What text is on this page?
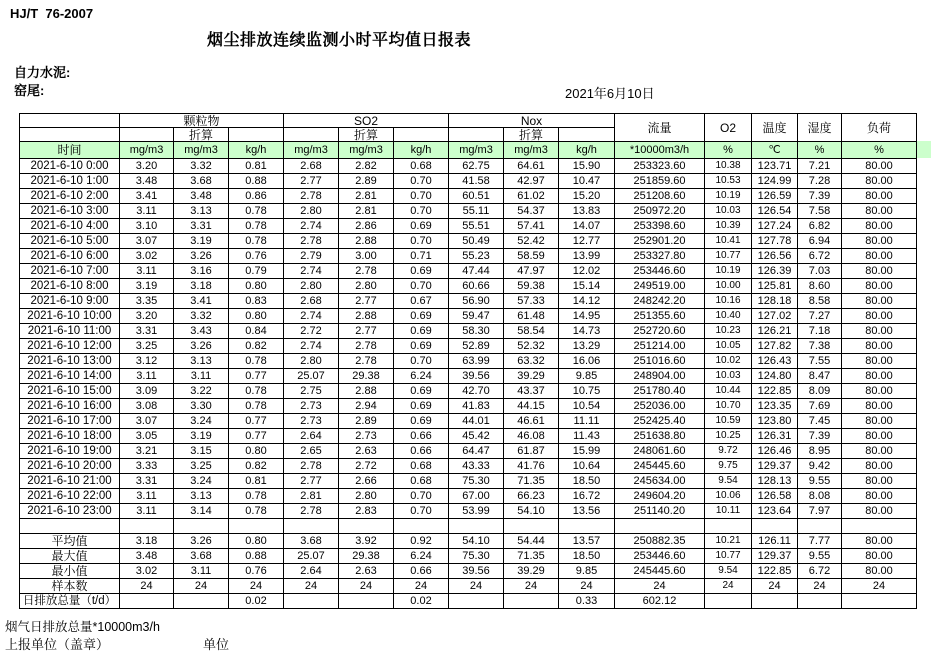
HJ/T  76-2007
烟尘排放连续监测小时平均值日报表
自力水泥:
窑尾:	2021年6月10日
	颗粒物			SO2			Nox			流量	O2	温度	湿度	负荷
		折算			折算			折算						
时间	mg/m3	mg/m3	kg/h	mg/m3	mg/m3	kg/h	mg/m3	mg/m3	kg/h	*10000m3/h	%	℃	%	%
2021-6-10 0:00	3.20	3.32	0.81	2.68	2.82	0.68	62.75	64.61	15.90	253323.60	10.38	123.71	7.21	80.00
2021-6-10 1:00	3.48	3.68	0.88	2.77	2.89	0.70	41.58	42.97	10.47	251859.60	10.53	124.99	7.28	80.00
2021-6-10 2:00	3.41	3.48	0.86	2.78	2.81	0.70	60.51	61.02	15.20	251208.60	10.19	126.59	7.39	80.00
2021-6-10 3:00	3.11	3.13	0.78	2.80	2.81	0.70	55.11	54.37	13.83	250972.20	10.03	126.54	7.58	80.00
2021-6-10 4:00	3.10	3.31	0.78	2.74	2.86	0.69	55.51	57.41	14.07	253398.60	10.39	127.24	6.82	80.00
2021-6-10 5:00	3.07	3.19	0.78	2.78	2.88	0.70	50.49	52.42	12.77	252901.20	10.41	127.78	6.94	80.00
2021-6-10 6:00	3.02	3.26	0.76	2.79	3.00	0.71	55.23	58.59	13.99	253327.80	10.77	126.56	6.72	80.00
2021-6-10 7:00	3.11	3.16	0.79	2.74	2.78	0.69	47.44	47.97	12.02	253446.60	10.19	126.39	7.03	80.00
2021-6-10 8:00	3.19	3.18	0.80	2.80	2.80	0.70	60.66	59.38	15.14	249519.00	10.00	125.81	8.60	80.00
2021-6-10 9:00	3.35	3.41	0.83	2.68	2.77	0.67	56.90	57.33	14.12	248242.20	10.16	128.18	8.58	80.00
2021-6-10 10:00	3.20	3.32	0.80	2.74	2.88	0.69	59.47	61.48	14.95	251355.60	10.40	127.02	7.27	80.00
2021-6-10 11:00	3.31	3.43	0.84	2.72	2.77	0.69	58.30	58.54	14.73	252720.60	10.23	126.21	7.18	80.00
2021-6-10 12:00	3.25	3.26	0.82	2.74	2.78	0.69	52.89	52.32	13.29	251214.00	10.05	127.82	7.38	80.00
2021-6-10 13:00	3.12	3.13	0.78	2.80	2.78	0.70	63.99	63.32	16.06	251016.60	10.02	126.43	7.55	80.00
2021-6-10 14:00	3.11	3.11	0.77	25.07	29.38	6.24	39.56	39.29	9.85	248904.00	10.03	124.80	8.47	80.00
2021-6-10 15:00	3.09	3.22	0.78	2.75	2.88	0.69	42.70	43.37	10.75	251780.40	10.44	122.85	8.09	80.00
2021-6-10 16:00	3.08	3.30	0.78	2.73	2.94	0.69	41.83	44.15	10.54	252036.00	10.70	123.35	7.69	80.00
2021-6-10 17:00	3.07	3.24	0.77	2.73	2.89	0.69	44.01	46.61	11.11	252425.40	10.59	123.80	7.45	80.00
2021-6-10 18:00	3.05	3.19	0.77	2.64	2.73	0.66	45.42	46.08	11.43	251638.80	10.25	126.31	7.39	80.00
2021-6-10 19:00	3.21	3.15	0.80	2.65	2.63	0.66	64.47	61.87	15.99	248061.60	9.72	126.46	8.95	80.00
2021-6-10 20:00	3.33	3.25	0.82	2.78	2.72	0.68	43.33	41.76	10.64	245445.60	9.75	129.37	9.42	80.00
2021-6-10 21:00	3.31	3.24	0.81	2.77	2.66	0.68	75.30	71.35	18.50	245634.00	9.54	128.13	9.55	80.00
2021-6-10 22:00	3.11	3.13	0.78	2.81	2.80	0.70	67.00	66.23	16.72	249604.20	10.06	126.58	8.08	80.00
2021-6-10 23:00	3.11	3.14	0.78	2.78	2.83	0.70	53.99	54.10	13.56	251140.20	10.11	123.64	7.97	80.00

平均值	3.18	3.26	0.80	3.68	3.92	0.92	54.10	54.44	13.57	250882.35	10.21	126.11	7.77	80.00
最大值	3.48	3.68	0.88	25.07	29.38	6.24	75.30	71.35	18.50	253446.60	10.77	129.37	9.55	80.00
最小值	3.02	3.11	0.76	2.64	2.63	0.66	39.56	39.29	9.85	245445.60	9.54	122.85	6.72	80.00
样本数	24	24	24	24	24	24	24	24	24	24	24	24	24	24
日排放总量（t/d）			0.02			0.02			0.33	602.12				
烟气日排放总量*10000m3/h
上报单位（盖章）	单位
